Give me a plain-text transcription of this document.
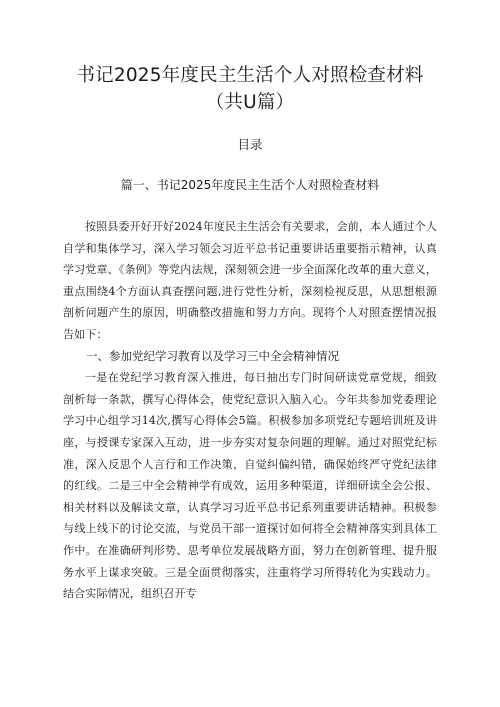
书记2025年度民主生活个人对照检查材料（共U篇）
目录
篇一、书记2025年度民主生活个人对照检查材料

按照县委开好开好2024年度民主生活会有关要求，会前，本人通过个人自学和集体学习，深入学习领会习近平总书记重要讲话重要指示精神，认真学习党章、《条例》等党内法规，深刻领会进一步全面深化改革的重大意义，重点围绕4个方面认真查摆问题,进行党性分析，深刻检视反思，从思想根源剖析问题产生的原因，明确整改措施和努力方向。现将个人对照查摆情况报告如下：

一、参加党纪学习教育以及学习三中全会精神情况

一是在党纪学习教育深入推进，每日抽出专门时间研读党章党规，细致剖析每一条款，撰写心得体会，使党纪意识入脑入心。今年共参加党委理论学习中心组学习14次,撰写心得体会5篇。积极参加多项党纪专题培训班及讲座，与授课专家深入互动，进一步夯实对复杂问题的理解。通过对照党纪标准，深入反思个人言行和工作决策，自觉纠偏纠错，确保始终严守党纪法律的红线。二是三中全会精神学有成效，运用多种渠道，详细研读全会公报、相关材料以及解读文章，认真学习习近平总书记系列重要讲话精神。积极参与线上线下的讨论交流，与党员干部一道探讨如何将全会精神落实到具体工作中。在准确研判形势、思考单位发展战略方面，努力在创新管理、提升服务水平上谋求突破。三是全面贯彻落实，注重将学习所得转化为实践动力。结合实际情况，组织召开专
